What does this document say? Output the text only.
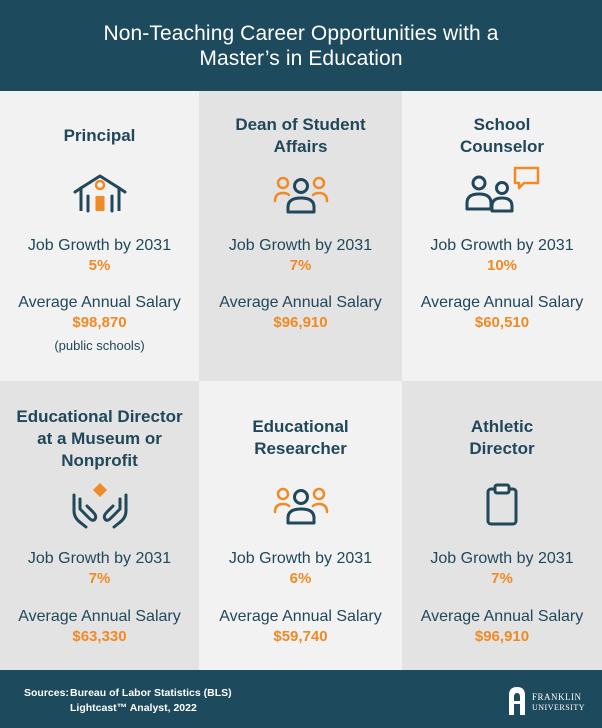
Non-Teaching Career Opportunities with a
Master’s in Education
Principal
Job Growth by 2031
5%
Average Annual Salary
$98,870
(public schools)
Dean of Student
Affairs
Job Growth by 2031
7%
Average Annual Salary
$96,910
School
Counselor
Job Growth by 2031
10%
Average Annual Salary
$60,510
Educational Director
at a Museum or
Nonprofit
Job Growth by 2031
7%
Average Annual Salary
$63,330
Educational
Researcher
Job Growth by 2031
6%
Average Annual Salary
$59,740
Athletic
Director
Job Growth by 2031
7%
Average Annual Salary
$96,910
Sources: Bureau of Labor Statistics (BLS)
Lightcast™ Analyst, 2022
FRANKLIN
UNIVERSITY
